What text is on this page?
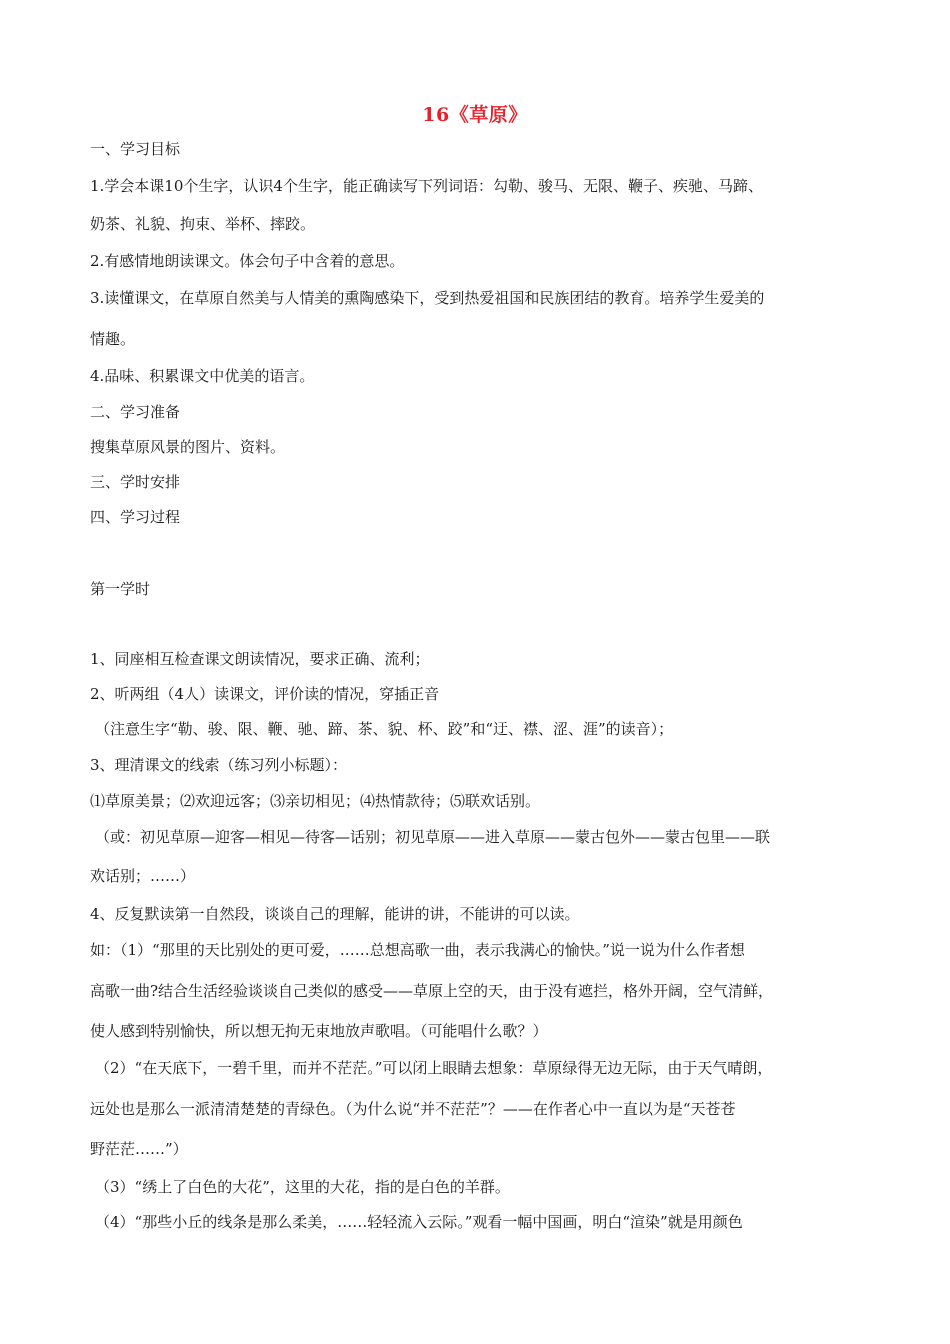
16《草原》
一、学习目标
1.学会本课10个生字，认识4个生字，能正确读写下列词语：勾勒、骏马、无限、鞭子、疾驰、马蹄、
奶茶、礼貌、拘束、举杯、摔跤。
2.有感情地朗读课文。体会句子中含着的意思。
3.读懂课文，在草原自然美与人情美的熏陶感染下，受到热爱祖国和民族团结的教育。培养学生爱美的
情趣。
4.品味、积累课文中优美的语言。
二、学习准备
搜集草原风景的图片、资料。
三、学时安排
四、学习过程
第一学时
1、同座相互检查课文朗读情况，要求正确、流利；
2、听两组（4人）读课文，评价读的情况，穿插正音
（注意生字“勒、骏、限、鞭、驰、蹄、茶、貌、杯、跤”和“迂、襟、涩、涯”的读音）；
3、理清课文的线索（练习列小标题）：
⑴草原美景；⑵欢迎远客；⑶亲切相见；⑷热情款待；⑸联欢话别。
（或：初见草原—迎客—相见—待客—话别；初见草原——进入草原——蒙古包外——蒙古包里——联
欢话别；……）
4、反复默读第一自然段，谈谈自己的理解，能讲的讲，不能讲的可以读。
如：（1）“那里的天比别处的更可爱，……总想高歌一曲，表示我满心的愉快。”说一说为什么作者想
高歌一曲?结合生活经验谈谈自己类似的感受——草原上空的天，由于没有遮拦，格外开阔，空气清鲜，
使人感到特别愉快，所以想无拘无束地放声歌唱。（可能唱什么歌？）
（2）“在天底下，一碧千里，而并不茫茫。”可以闭上眼睛去想象：草原绿得无边无际，由于天气晴朗，
远处也是那么一派清清楚楚的青绿色。（为什么说“并不茫茫”？——在作者心中一直以为是“天苍苍
野茫茫……”）
（3）“绣上了白色的大花”，这里的大花，指的是白色的羊群。
（4）“那些小丘的线条是那么柔美，……轻轻流入云际。”观看一幅中国画，明白“渲染”就是用颜色
